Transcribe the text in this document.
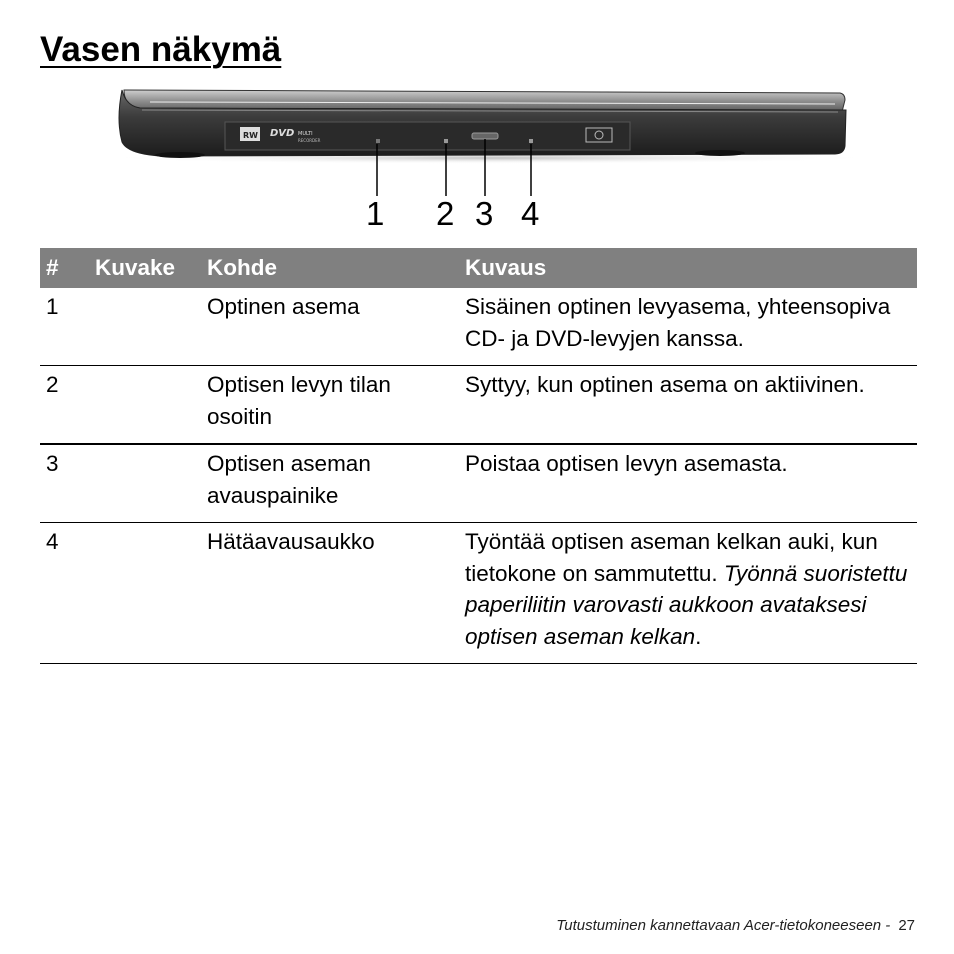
Vasen näkymä
RW DVD MULTI
RECORDER
1 2 3 4
#	Kuvake	Kohde	Kuvaus
1		Optinen asema	Sisäinen optinen levyasema, yhteensopiva CD- ja DVD-levyjen kanssa.
2		Optisen levyn tilan osoitin	Syttyy, kun optinen asema on aktiivinen.
3		Optisen aseman avauspainike	Poistaa optisen levyn asemasta.
4		Hätäavausaukko	Työntää optisen aseman kelkan auki, kun tietokone on sammutettu. Työnnä suoristettu paperiliitin varovasti aukkoon avataksesi optisen aseman kelkan.
Tutustuminen kannettavaan Acer-tietokoneeseen - 27
